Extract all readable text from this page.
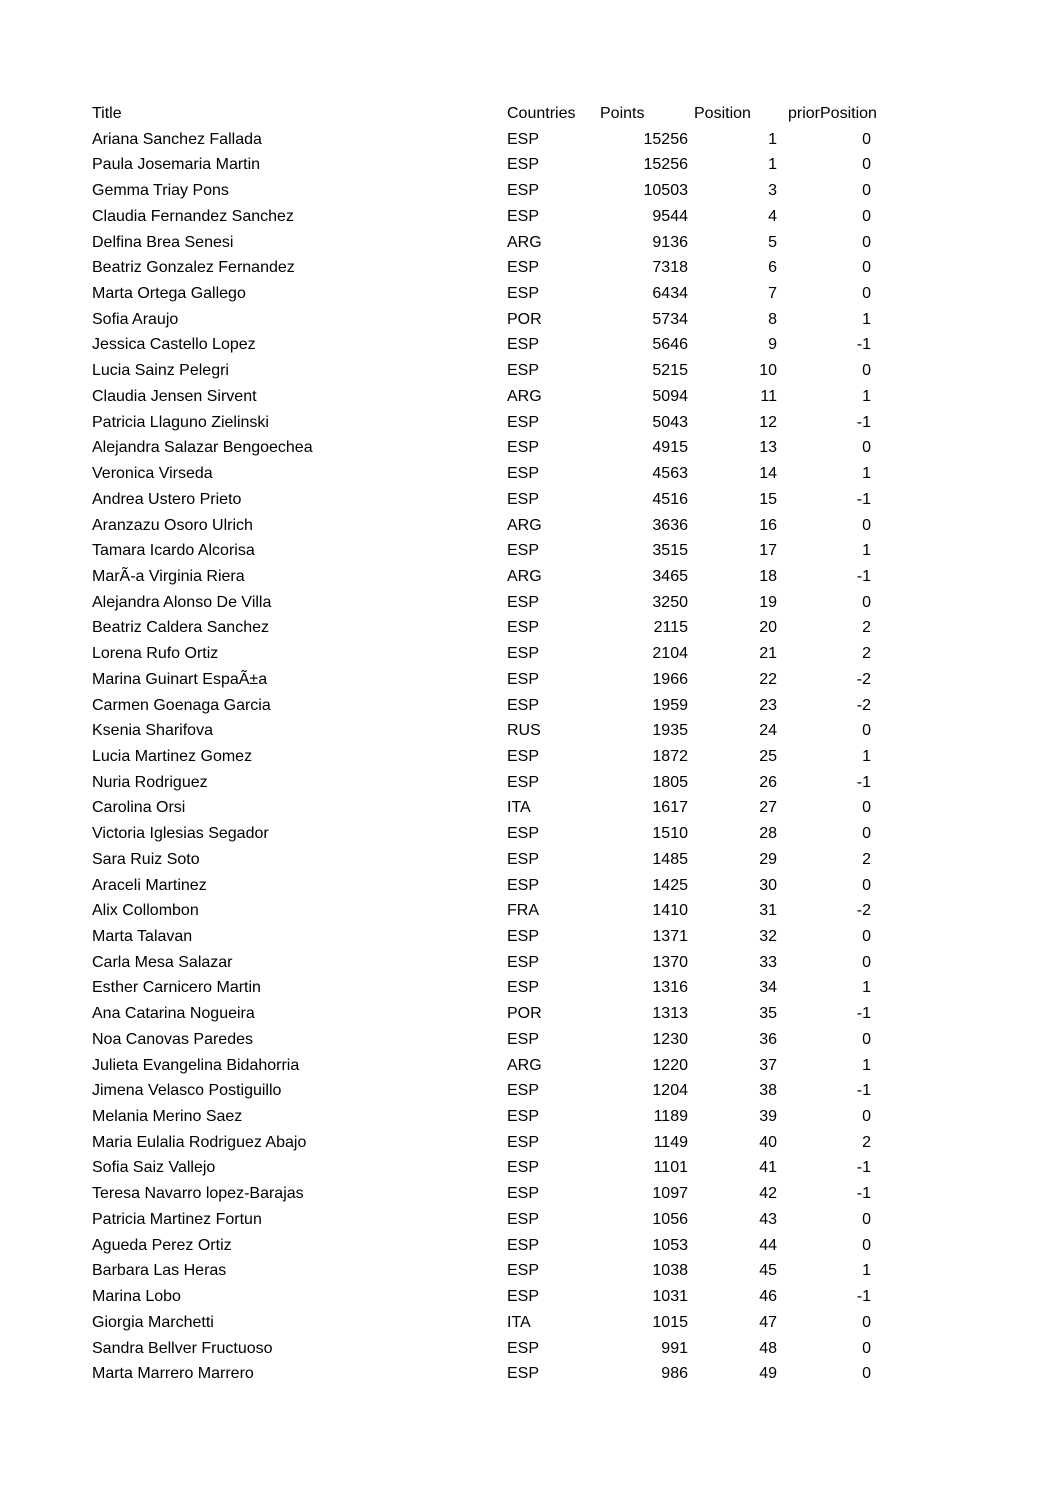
Title	Countries	Points	Position	priorPosition
Ariana Sanchez Fallada	ESP	15256	1	0
Paula Josemaria Martin	ESP	15256	1	0
Gemma Triay Pons	ESP	10503	3	0
Claudia Fernandez Sanchez	ESP	9544	4	0
Delfina Brea Senesi	ARG	9136	5	0
Beatriz Gonzalez Fernandez	ESP	7318	6	0
Marta Ortega Gallego	ESP	6434	7	0
Sofia Araujo	POR	5734	8	1
Jessica Castello Lopez	ESP	5646	9	-1
Lucia Sainz Pelegri	ESP	5215	10	0
Claudia Jensen Sirvent	ARG	5094	11	1
Patricia Llaguno Zielinski	ESP	5043	12	-1
Alejandra Salazar Bengoechea	ESP	4915	13	0
Veronica Virseda	ESP	4563	14	1
Andrea Ustero Prieto	ESP	4516	15	-1
Aranzazu Osoro Ulrich	ARG	3636	16	0
Tamara Icardo Alcorisa	ESP	3515	17	1
MarÃ-a Virginia Riera	ARG	3465	18	-1
Alejandra Alonso De Villa	ESP	3250	19	0
Beatriz Caldera Sanchez	ESP	2115	20	2
Lorena Rufo Ortiz	ESP	2104	21	2
Marina Guinart EspaÃ±a	ESP	1966	22	-2
Carmen Goenaga Garcia	ESP	1959	23	-2
Ksenia Sharifova	RUS	1935	24	0
Lucia Martinez Gomez	ESP	1872	25	1
Nuria Rodriguez	ESP	1805	26	-1
Carolina Orsi	ITA	1617	27	0
Victoria Iglesias Segador	ESP	1510	28	0
Sara Ruiz Soto	ESP	1485	29	2
Araceli Martinez	ESP	1425	30	0
Alix Collombon	FRA	1410	31	-2
Marta Talavan	ESP	1371	32	0
Carla Mesa Salazar	ESP	1370	33	0
Esther Carnicero Martin	ESP	1316	34	1
Ana Catarina Nogueira	POR	1313	35	-1
Noa Canovas Paredes	ESP	1230	36	0
Julieta Evangelina Bidahorria	ARG	1220	37	1
Jimena Velasco Postiguillo	ESP	1204	38	-1
Melania Merino Saez	ESP	1189	39	0
Maria Eulalia Rodriguez Abajo	ESP	1149	40	2
Sofia Saiz Vallejo	ESP	1101	41	-1
Teresa Navarro lopez-Barajas	ESP	1097	42	-1
Patricia Martinez Fortun	ESP	1056	43	0
Agueda Perez Ortiz	ESP	1053	44	0
Barbara Las Heras	ESP	1038	45	1
Marina Lobo	ESP	1031	46	-1
Giorgia Marchetti	ITA	1015	47	0
Sandra Bellver Fructuoso	ESP	991	48	0
Marta Marrero Marrero	ESP	986	49	0
